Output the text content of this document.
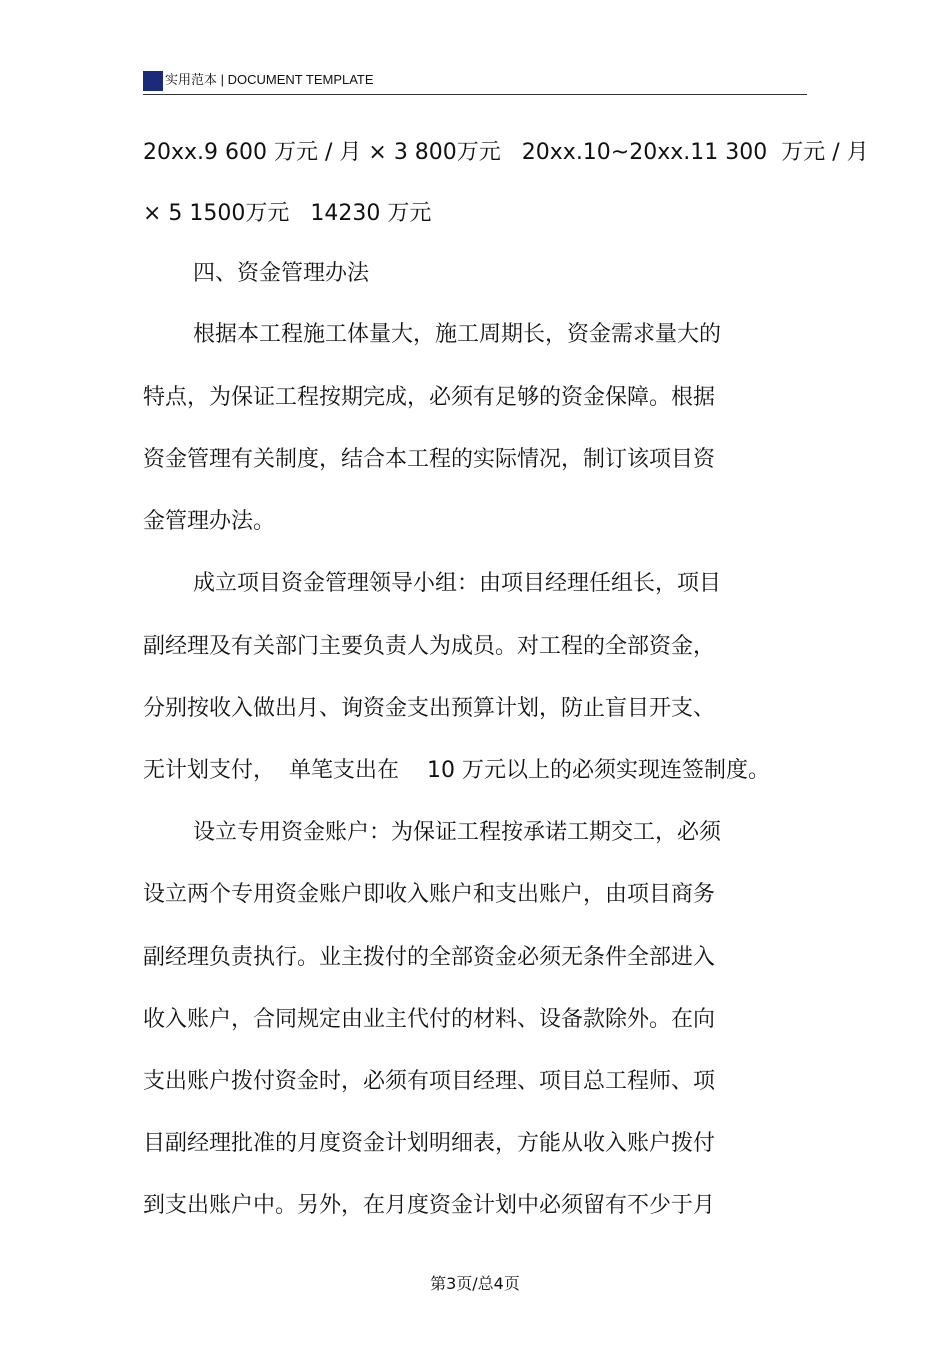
实用范本 | DOCUMENT TEMPLATE
20xx.9 600 万元 / 月 × 3 800万元   20xx.10~20xx.11 300  万元 / 月
× 5 1500万元   14230 万元
四、资金管理办法
根据本工程施工体量大，施工周期长，资金需求量大的
特点，为保证工程按期完成，必须有足够的资金保障。根据
资金管理有关制度，结合本工程的实际情况，制订该项目资
金管理办法。
成立项目资金管理领导小组：由项目经理任组长，项目
副经理及有关部门主要负责人为成员。对工程的全部资金，
分别按收入做出月、询资金支出预算计划，防止盲目开支、
无计划支付，  单笔支出在    10 万元以上的必须实现连签制度。
设立专用资金账户：为保证工程按承诺工期交工，必须
设立两个专用资金账户即收入账户和支出账户，由项目商务
副经理负责执行。业主拨付的全部资金必须无条件全部进入
收入账户，合同规定由业主代付的材料、设备款除外。在向
支出账户拨付资金时，必须有项目经理、项目总工程师、项
目副经理批准的月度资金计划明细表，方能从收入账户拨付
到支出账户中。另外，在月度资金计划中必须留有不少于月
第3页/总4页
